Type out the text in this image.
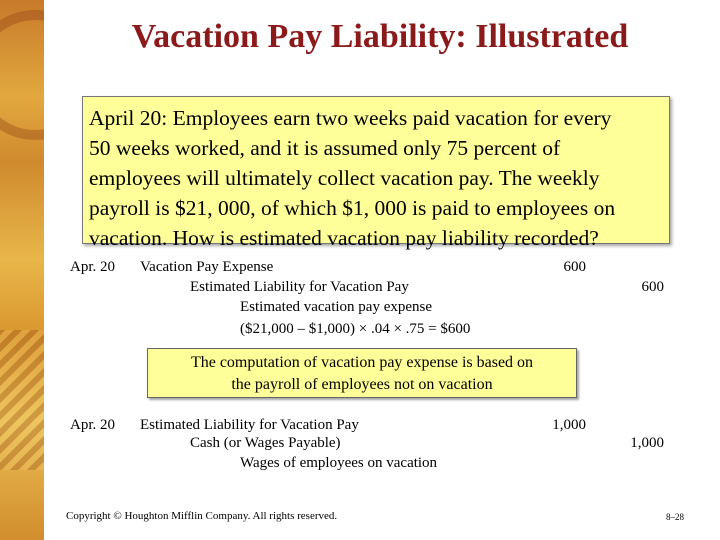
Vacation Pay Liability: Illustrated
April 20: Employees earn two weeks paid vacation for every
50 weeks worked, and it is assumed only 75 percent of
employees will ultimately collect vacation pay. The weekly
payroll is $21, 000, of which $1, 000 is paid to employees on
vacation. How is estimated vacation pay liability recorded?
Apr. 20 Vacation Pay Expense	600
Estimated Liability for Vacation Pay	600
Estimated vacation pay expense
($21,000 – $1,000) × .04 × .75 = $600
The computation of vacation pay expense is based on
the payroll of employees not on vacation
Apr. 20 Estimated Liability for Vacation Pay	1,000
Cash (or Wages Payable)	1,000
Wages of employees on vacation
Copyright © Houghton Mifflin Company. All rights reserved.	8–28
